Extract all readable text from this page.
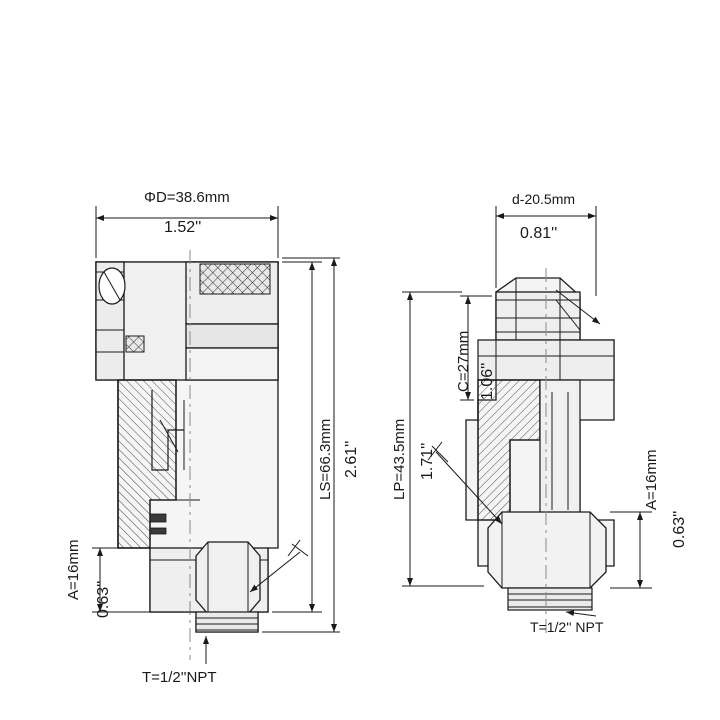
ΦD=38.6mm
1.52''
LS=66.3mm 2.61''
A=16mm 0.63''
T=1/2''NPT
d-20.5mm
0.81''
C=27mm 1.06''
LP=43.5mm 1.71''	A=16mm
0.63''
T=1/2'' NPT
